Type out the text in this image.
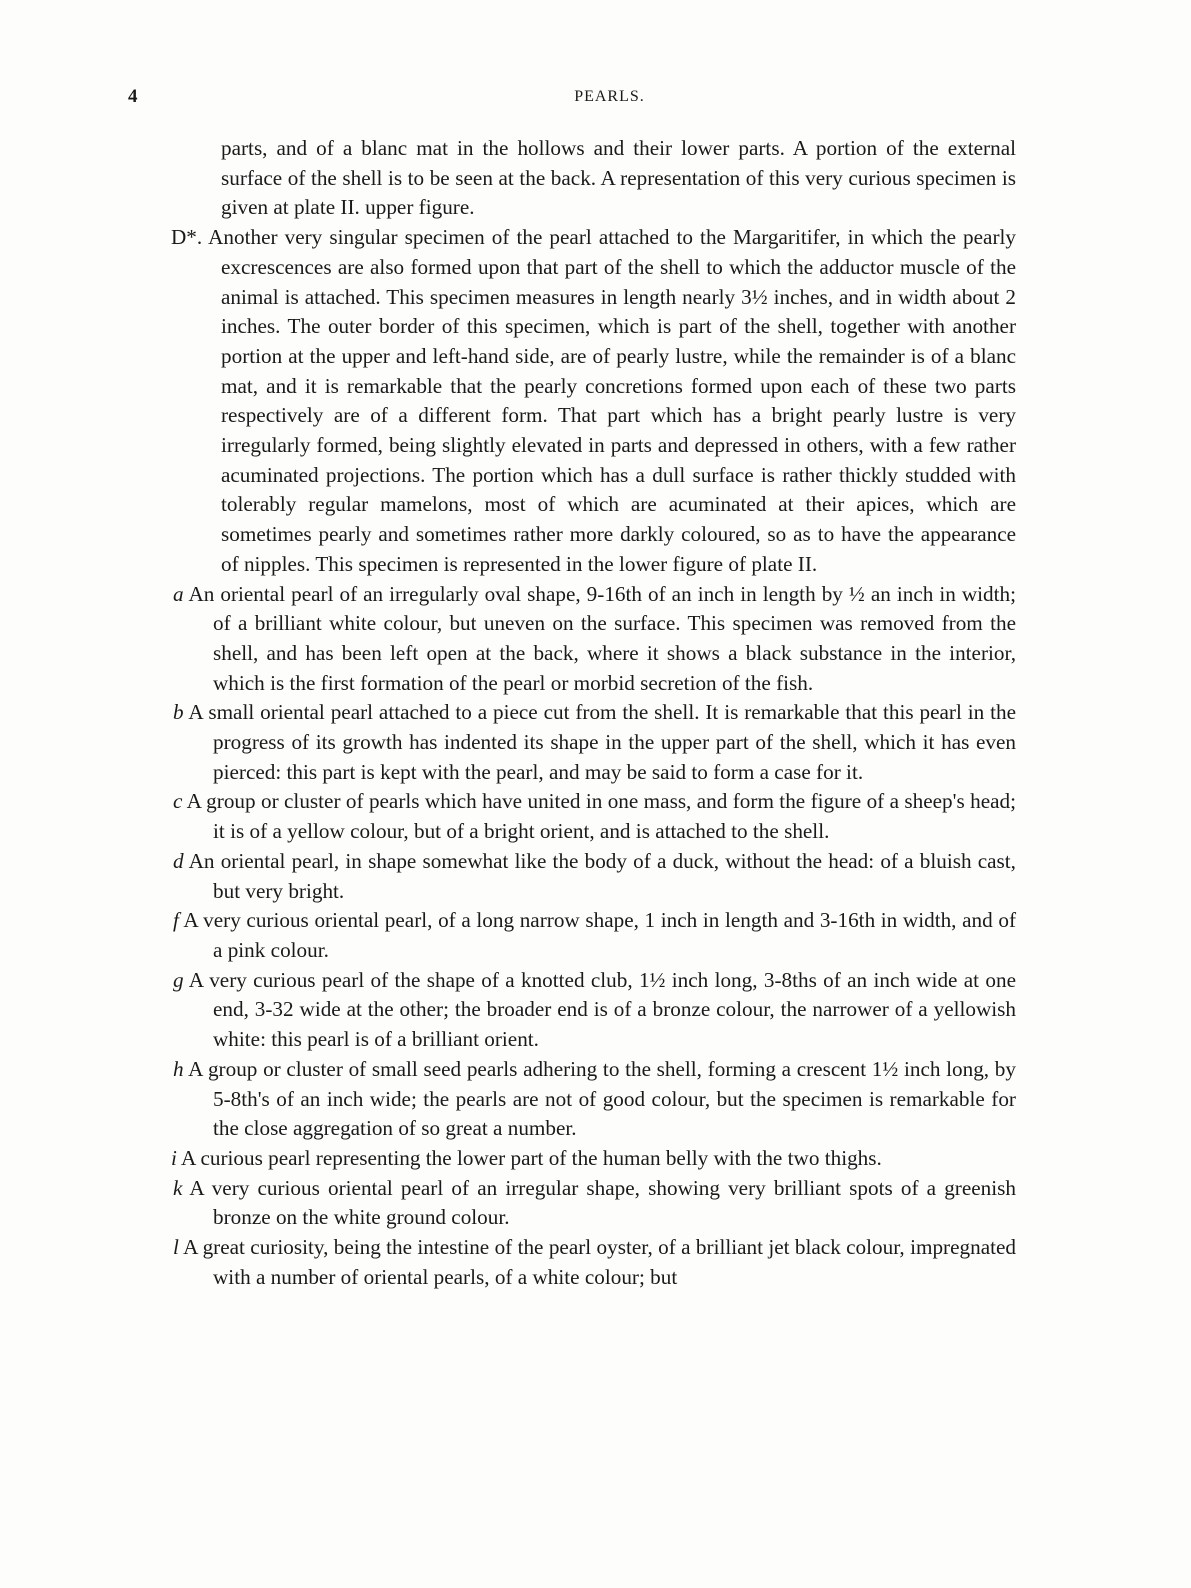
4	PEARLS.

parts, and of a blanc mat in the hollows and their lower parts. A portion of the external surface of the shell is to be seen at the back. A representation of this very curious specimen is given at plate II. upper figure.

D*. Another very singular specimen of the pearl attached to the Margaritifer, in which the pearly excrescences are also formed upon that part of the shell to which the adductor muscle of the animal is attached. This specimen measures in length nearly 3½ inches, and in width about 2 inches. The outer border of this specimen, which is part of the shell, together with another portion at the upper and left-hand side, are of pearly lustre, while the remainder is of a blanc mat, and it is remarkable that the pearly concretions formed upon each of these two parts respectively are of a different form. That part which has a bright pearly lustre is very irregularly formed, being slightly elevated in parts and depressed in others, with a few rather acuminated projections. The portion which has a dull surface is rather thickly studded with tolerably regular mamelons, most of which are acuminated at their apices, which are sometimes pearly and sometimes rather more darkly coloured, so as to have the appearance of nipples. This specimen is represented in the lower figure of plate II.

a An oriental pearl of an irregularly oval shape, 9-16th of an inch in length by ½ an inch in width; of a brilliant white colour, but uneven on the surface. This specimen was removed from the shell, and has been left open at the back, where it shows a black substance in the interior, which is the first formation of the pearl or morbid secretion of the fish.

b A small oriental pearl attached to a piece cut from the shell. It is remarkable that this pearl in the progress of its growth has indented its shape in the upper part of the shell, which it has even pierced: this part is kept with the pearl, and may be said to form a case for it.

c A group or cluster of pearls which have united in one mass, and form the figure of a sheep's head; it is of a yellow colour, but of a bright orient, and is attached to the shell.

d An oriental pearl, in shape somewhat like the body of a duck, without the head: of a bluish cast, but very bright.

f A very curious oriental pearl, of a long narrow shape, 1 inch in length and 3-16th in width, and of a pink colour.

g A very curious pearl of the shape of a knotted club, 1½ inch long, 3-8ths of an inch wide at one end, 3-32 wide at the other; the broader end is of a bronze colour, the narrower of a yellowish white: this pearl is of a brilliant orient.

h A group or cluster of small seed pearls adhering to the shell, forming a crescent 1½ inch long, by 5-8th's of an inch wide; the pearls are not of good colour, but the specimen is remarkable for the close aggregation of so great a number.

i A curious pearl representing the lower part of the human belly with the two thighs.

k A very curious oriental pearl of an irregular shape, showing very brilliant spots of a greenish bronze on the white ground colour.

l A great curiosity, being the intestine of the pearl oyster, of a brilliant jet black colour, impregnated with a number of oriental pearls, of a white colour; but
